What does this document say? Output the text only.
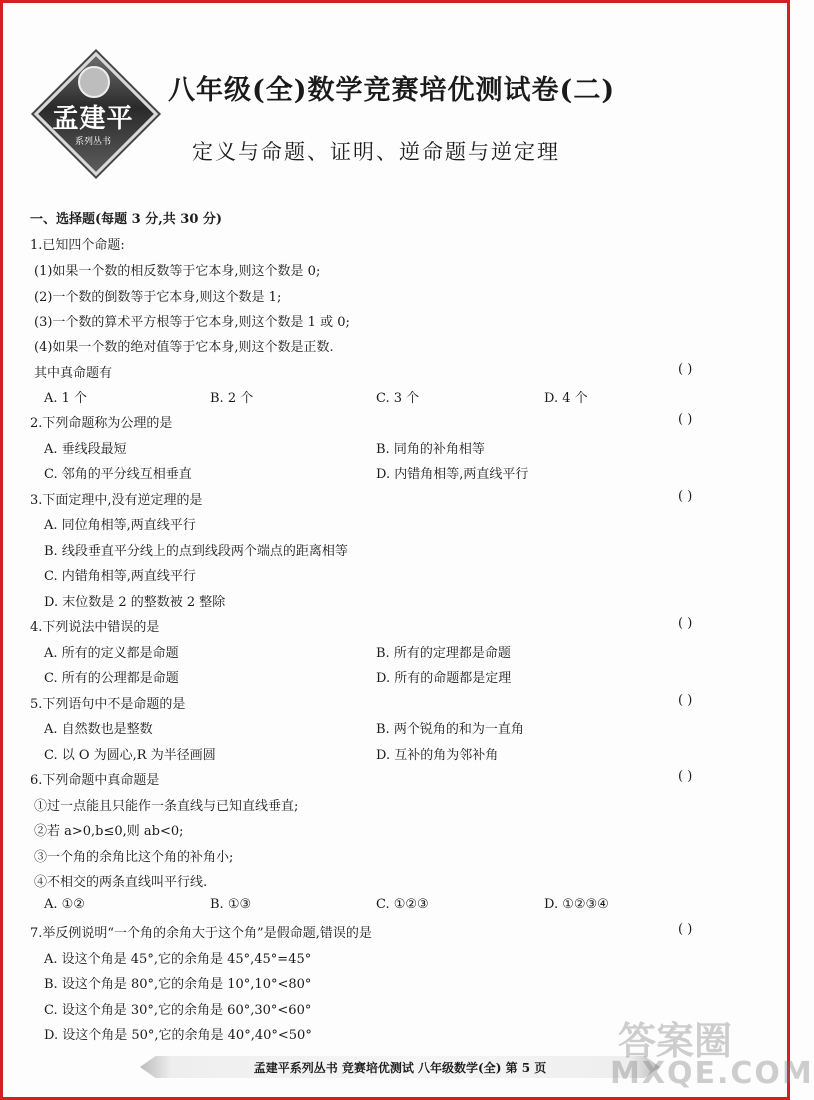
孟建平
系列丛书
八年级(全)数学竞赛培优测试卷(二)
定义与命题、证明、逆命题与逆定理
一、选择题(每题 3 分,共 30 分)
1.已知四个命题:
(1)如果一个数的相反数等于它本身,则这个数是 0;
(2)一个数的倒数等于它本身,则这个数是 1;
(3)一个数的算术平方根等于它本身,则这个数是 1 或 0;
(4)如果一个数的绝对值等于它本身,则这个数是正数.
其中真命题有	( )
A. 1 个	B. 2 个	C. 3 个	D. 4 个
2.下列命题称为公理的是	( )
A. 垂线段最短	B. 同角的补角相等
C. 邻角的平分线互相垂直	D. 内错角相等,两直线平行
3.下面定理中,没有逆定理的是	( )
A. 同位角相等,两直线平行
B. 线段垂直平分线上的点到线段两个端点的距离相等
C. 内错角相等,两直线平行
D. 末位数是 2 的整数被 2 整除
4.下列说法中错误的是	( )
A. 所有的定义都是命题	B. 所有的定理都是命题
C. 所有的公理都是命题	D. 所有的命题都是定理
5.下列语句中不是命题的是	( )
A. 自然数也是整数	B. 两个锐角的和为一直角
C. 以 O 为圆心,R 为半径画圆	D. 互补的角为邻补角
6.下列命题中真命题是	( )
①过一点能且只能作一条直线与已知直线垂直;
②若 a>0,b≤0,则 ab<0;
③一个角的余角比这个角的补角小;
④不相交的两条直线叫平行线.
A. ①②	B. ①③	C. ①②③	D. ①②③④
7.举反例说明“一个角的余角大于这个角”是假命题,错误的是	( )
A. 设这个角是 45°,它的余角是 45°,45°=45°
B. 设这个角是 80°,它的余角是 10°,10°<80°
C. 设这个角是 30°,它的余角是 60°,30°<60°
D. 设这个角是 50°,它的余角是 40°,40°<50°
孟建平系列丛书 竞赛培优测试 八年级数学(全) 第 5 页
答案圈
MXQE.COM
